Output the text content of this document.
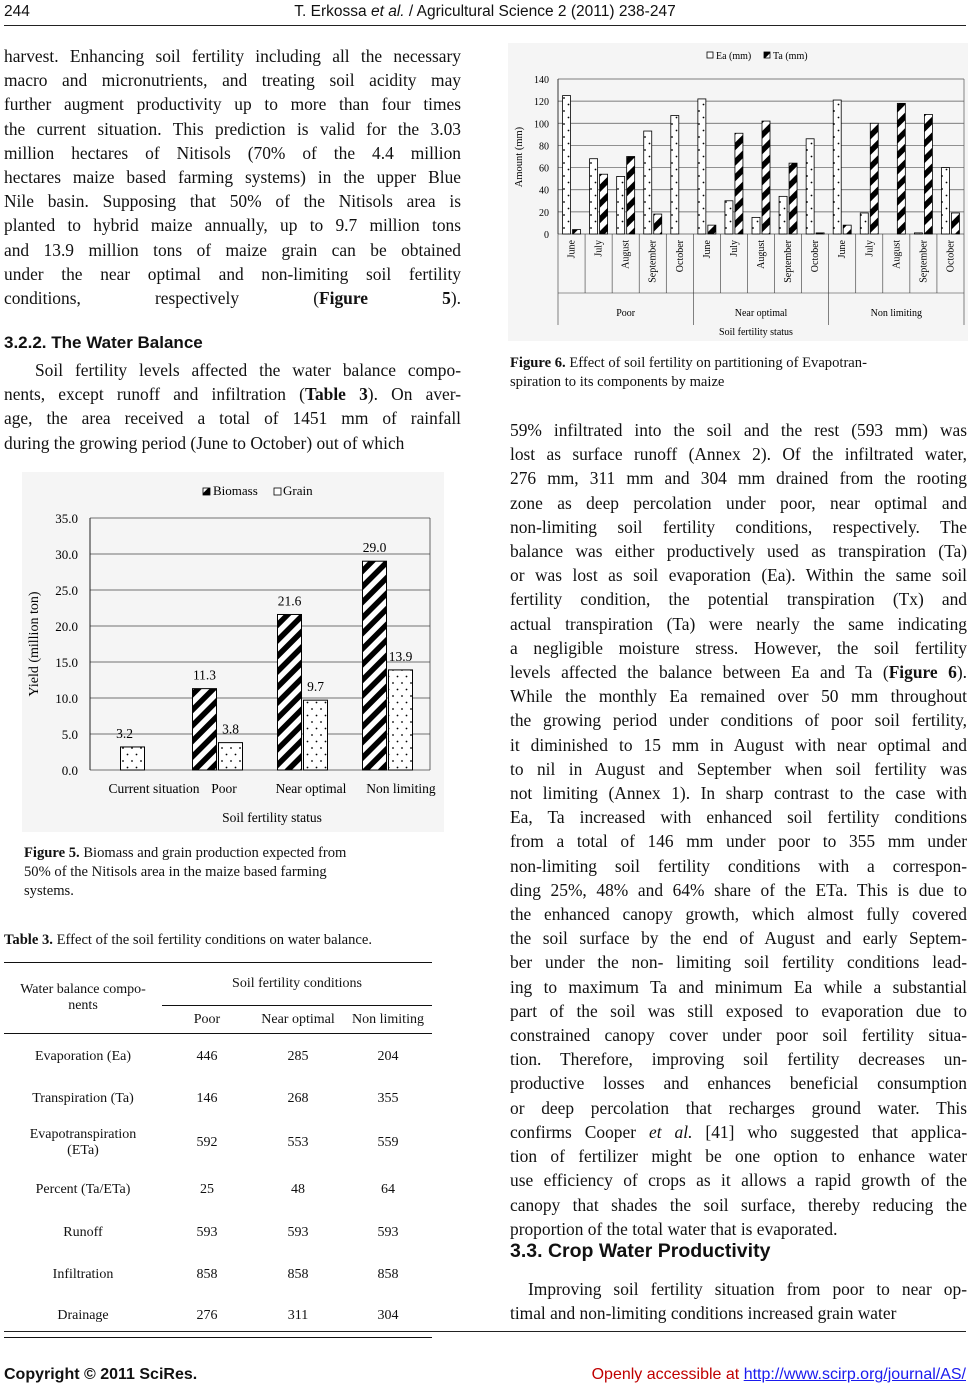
244	T. Erkossa et al. / Agricultural Science 2 (2011) 238-247
harvest. Enhancing soil fertility including all the necessary
macro and micronutrients, and treating soil acidity may
further augment productivity up to more than four times
the current situation. This prediction is valid for the 3.03
million hectares of Nitisols (70% of the 4.4 million
hectares maize based farming systems) in the upper Blue
Nile basin. Supposing that 50% of the Nitisols area is
planted to hybrid maize annually, up to 9.7 million tons
and 13.9 million tons of maize grain can be obtained
under the near optimal and non-limiting soil fertility
conditions, respectively (Figure 5).
3.2.2. The Water Balance
Soil fertility levels affected the water balance compo-
nents, except runoff and infiltration (Table 3). On aver-
age, the area received a total of 1451 mm of rainfall
during the growing period (June to October) out of which
Biomass Grain
0.0
5.0
10.0
15.0
20.0
25.0
30.0
35.0
3.2
11.3
3.8
21.6
9.7
29.0
13.9
Current situation Poor	Near optimal Non limiting
Soil fertility status
Yield (million ton)
Figure 5. Biomass and grain production expected from
50% of the Nitisols area in the maize based farming
systems.
Table 3. Effect of the soil fertility conditions on water balance.
Water balance compo-
nents	Soil fertility conditions		
	Poor	Near optimal	Non limiting

Evaporation (Ea)	446	285	204

Transpiration (Ta)	146	268	355

Evapotranspiration
(ETa)	592	553	559

Percent (Ta/ETa)	25	48	64

Runoff	593	593	593

Infiltration	858	858	858

Drainage	276	311	304
Ea (mm) Ta (mm)
0
20
40
60
80
100
120
140
June July August September October June July August September October June July August September October
Poor	Near optimal	Non limiting
Soil fertility status
Amount (mm)
Figure 6. Effect of soil fertility on partitioning of Evapotran-
spiration to its components by maize
59% infiltrated into the soil and the rest (593 mm) was
lost as surface runoff (Annex 2). Of the infiltrated water,
276 mm, 311 mm and 304 mm drained from the rooting
zone as deep percolation under poor, near optimal and
non-limiting soil fertility conditions, respectively. The
balance was either productively used as transpiration (Ta)
or was lost as soil evaporation (Ea). Within the same soil
fertility condition, the potential transpiration (Tx) and
actual transpiration (Ta) were nearly the same indicating
a negligible moisture stress. However, the soil fertility
levels affected the balance between Ea and Ta (Figure 6).
While the monthly Ea remained over 50 mm throughout
the growing period under conditions of poor soil fertility,
it diminished to 15 mm in August with near optimal and
to nil in August and September when soil fertility was
not limiting (Annex 1). In sharp contrast to the case with
Ea, Ta increased with enhanced soil fertility conditions
from a total of 146 mm under poor to 355 mm under
non-limiting soil fertility conditions with a correspon-
ding 25%, 48% and 64% share of the ETa. This is due to
the enhanced canopy growth, which almost fully covered
the soil surface by the end of August and early Septem-
ber under the non- limiting soil fertility conditions lead-
ing to maximum Ta and minimum Ea while a substantial
part of the soil was still exposed to evaporation due to
constrained canopy cover under poor soil fertility situa-
tion. Therefore, improving soil fertility decreases un-
productive losses and enhances beneficial consumption
or deep percolation that recharges ground water. This
confirms Cooper et al. [41] who suggested that applica-
tion of fertilizer might be one option to enhance water
use efficiency of crops as it allows a rapid growth of the
canopy that shades the soil surface, thereby reducing the
proportion of the total water that is evaporated.
3.3. Crop Water Productivity
Improving soil fertility situation from poor to near op-
timal and non-limiting conditions increased grain water
Copyright © 2011 SciRes.	Openly accessible at http://www.scirp.org/journal/AS/
